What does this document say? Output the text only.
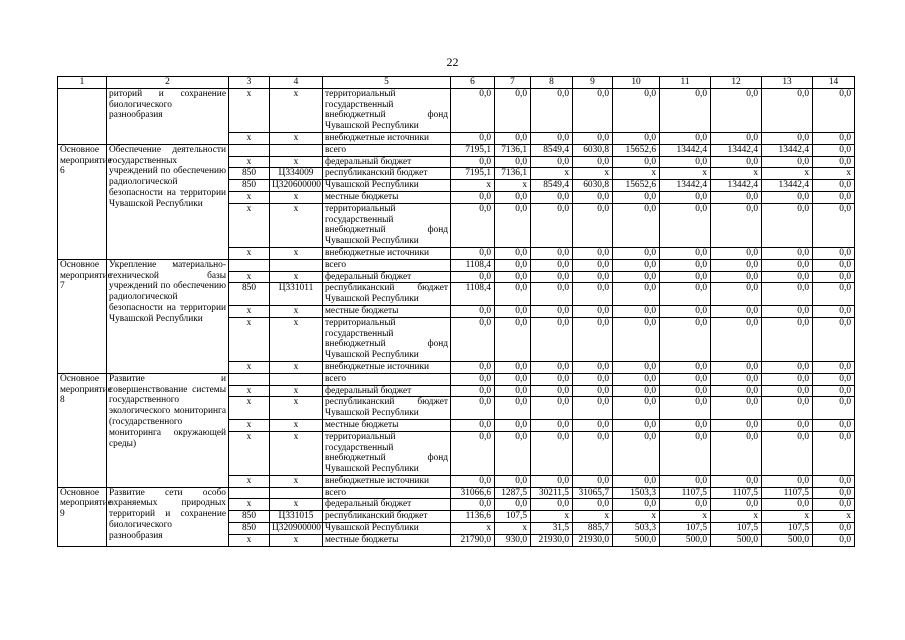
22
1	2	3	4	5	6	7	8	9	10	11	12	13	14
	риторий и сохранение биологического разнообразия	x	x	территориальный государственный внебюджетный фонд Чувашской Республики	0,0	0,0	0,0	0,0	0,0	0,0	0,0	0,0	0,0
		x	x	внебюджетные источники	0,0	0,0	0,0	0,0	0,0	0,0	0,0	0,0	0,0
Основное мероприятие 6	Обеспечение деятельности государственных учреждений по обеспечению радиологической безопасности на территории Чувашской Республики			всего	7195,1	7136,1	8549,4	6030,8	15652,6	13442,4	13442,4	13442,4	0,0
		x	x	федеральный бюджет	0,0	0,0	0,0	0,0	0,0	0,0	0,0	0,0	0,0
		850	Ц334009	республиканский бюджет	7195,1	7136,1	x	x	x	x	x	x	x
		850	Ц320600000	Чувашской Республики	x	x	8549,4	6030,8	15652,6	13442,4	13442,4	13442,4	0,0
		x	x	местные бюджеты	0,0	0,0	0,0	0,0	0,0	0,0	0,0	0,0	0,0
		x	x	территориальный государственный внебюджетный фонд Чувашской Республики	0,0	0,0	0,0	0,0	0,0	0,0	0,0	0,0	0,0
		x	x	внебюджетные источники	0,0	0,0	0,0	0,0	0,0	0,0	0,0	0,0	0,0
Основное мероприятие 7	Укрепление материально-технической базы учреждений по обеспечению радиологической безопасности на территории Чувашской Республики			всего	1108,4	0,0	0,0	0,0	0,0	0,0	0,0	0,0	0,0
		x	x	федеральный бюджет	0,0	0,0	0,0	0,0	0,0	0,0	0,0	0,0	0,0
		850	Ц331011	республиканский бюджет Чувашской Республики	1108,4	0,0	0,0	0,0	0,0	0,0	0,0	0,0	0,0
		x	x	местные бюджеты	0,0	0,0	0,0	0,0	0,0	0,0	0,0	0,0	0,0
		x	x	территориальный государственный внебюджетный фонд Чувашской Республики	0,0	0,0	0,0	0,0	0,0	0,0	0,0	0,0	0,0
		x	x	внебюджетные источники	0,0	0,0	0,0	0,0	0,0	0,0	0,0	0,0	0,0
Основное мероприятие 8	Развитие и совершенствование системы государственного экологического мониторинга (государственного мониторинга окружающей среды)			всего	0,0	0,0	0,0	0,0	0,0	0,0	0,0	0,0	0,0
		x	x	федеральный бюджет	0,0	0,0	0,0	0,0	0,0	0,0	0,0	0,0	0,0
		x	x	республиканский бюджет Чувашской Республики	0,0	0,0	0,0	0,0	0,0	0,0	0,0	0,0	0,0
		x	x	местные бюджеты	0,0	0,0	0,0	0,0	0,0	0,0	0,0	0,0	0,0
		x	x	территориальный государственный внебюджетный фонд Чувашской Республики	0,0	0,0	0,0	0,0	0,0	0,0	0,0	0,0	0,0
		x	x	внебюджетные источники	0,0	0,0	0,0	0,0	0,0	0,0	0,0	0,0	0,0
Основное мероприятие 9	Развитие сети особо охраняемых природных территорий и сохранение биологического разнообразия			всего	31066,6	1287,5	30211,5	31065,7	1503,3	1107,5	1107,5	1107,5	0,0
		x	x	федеральный бюджет	0,0	0,0	0,0	0,0	0,0	0,0	0,0	0,0	0,0
		850	Ц331015	республиканский бюджет	1136,6	107,5	x	x	x	x	x	x	x
		850	Ц320900000	Чувашской Республики	x	x	31,5	885,7	503,3	107,5	107,5	107,5	0,0
		x	x	местные бюджеты	21790,0	930,0	21930,0	21930,0	500,0	500,0	500,0	500,0	0,0
